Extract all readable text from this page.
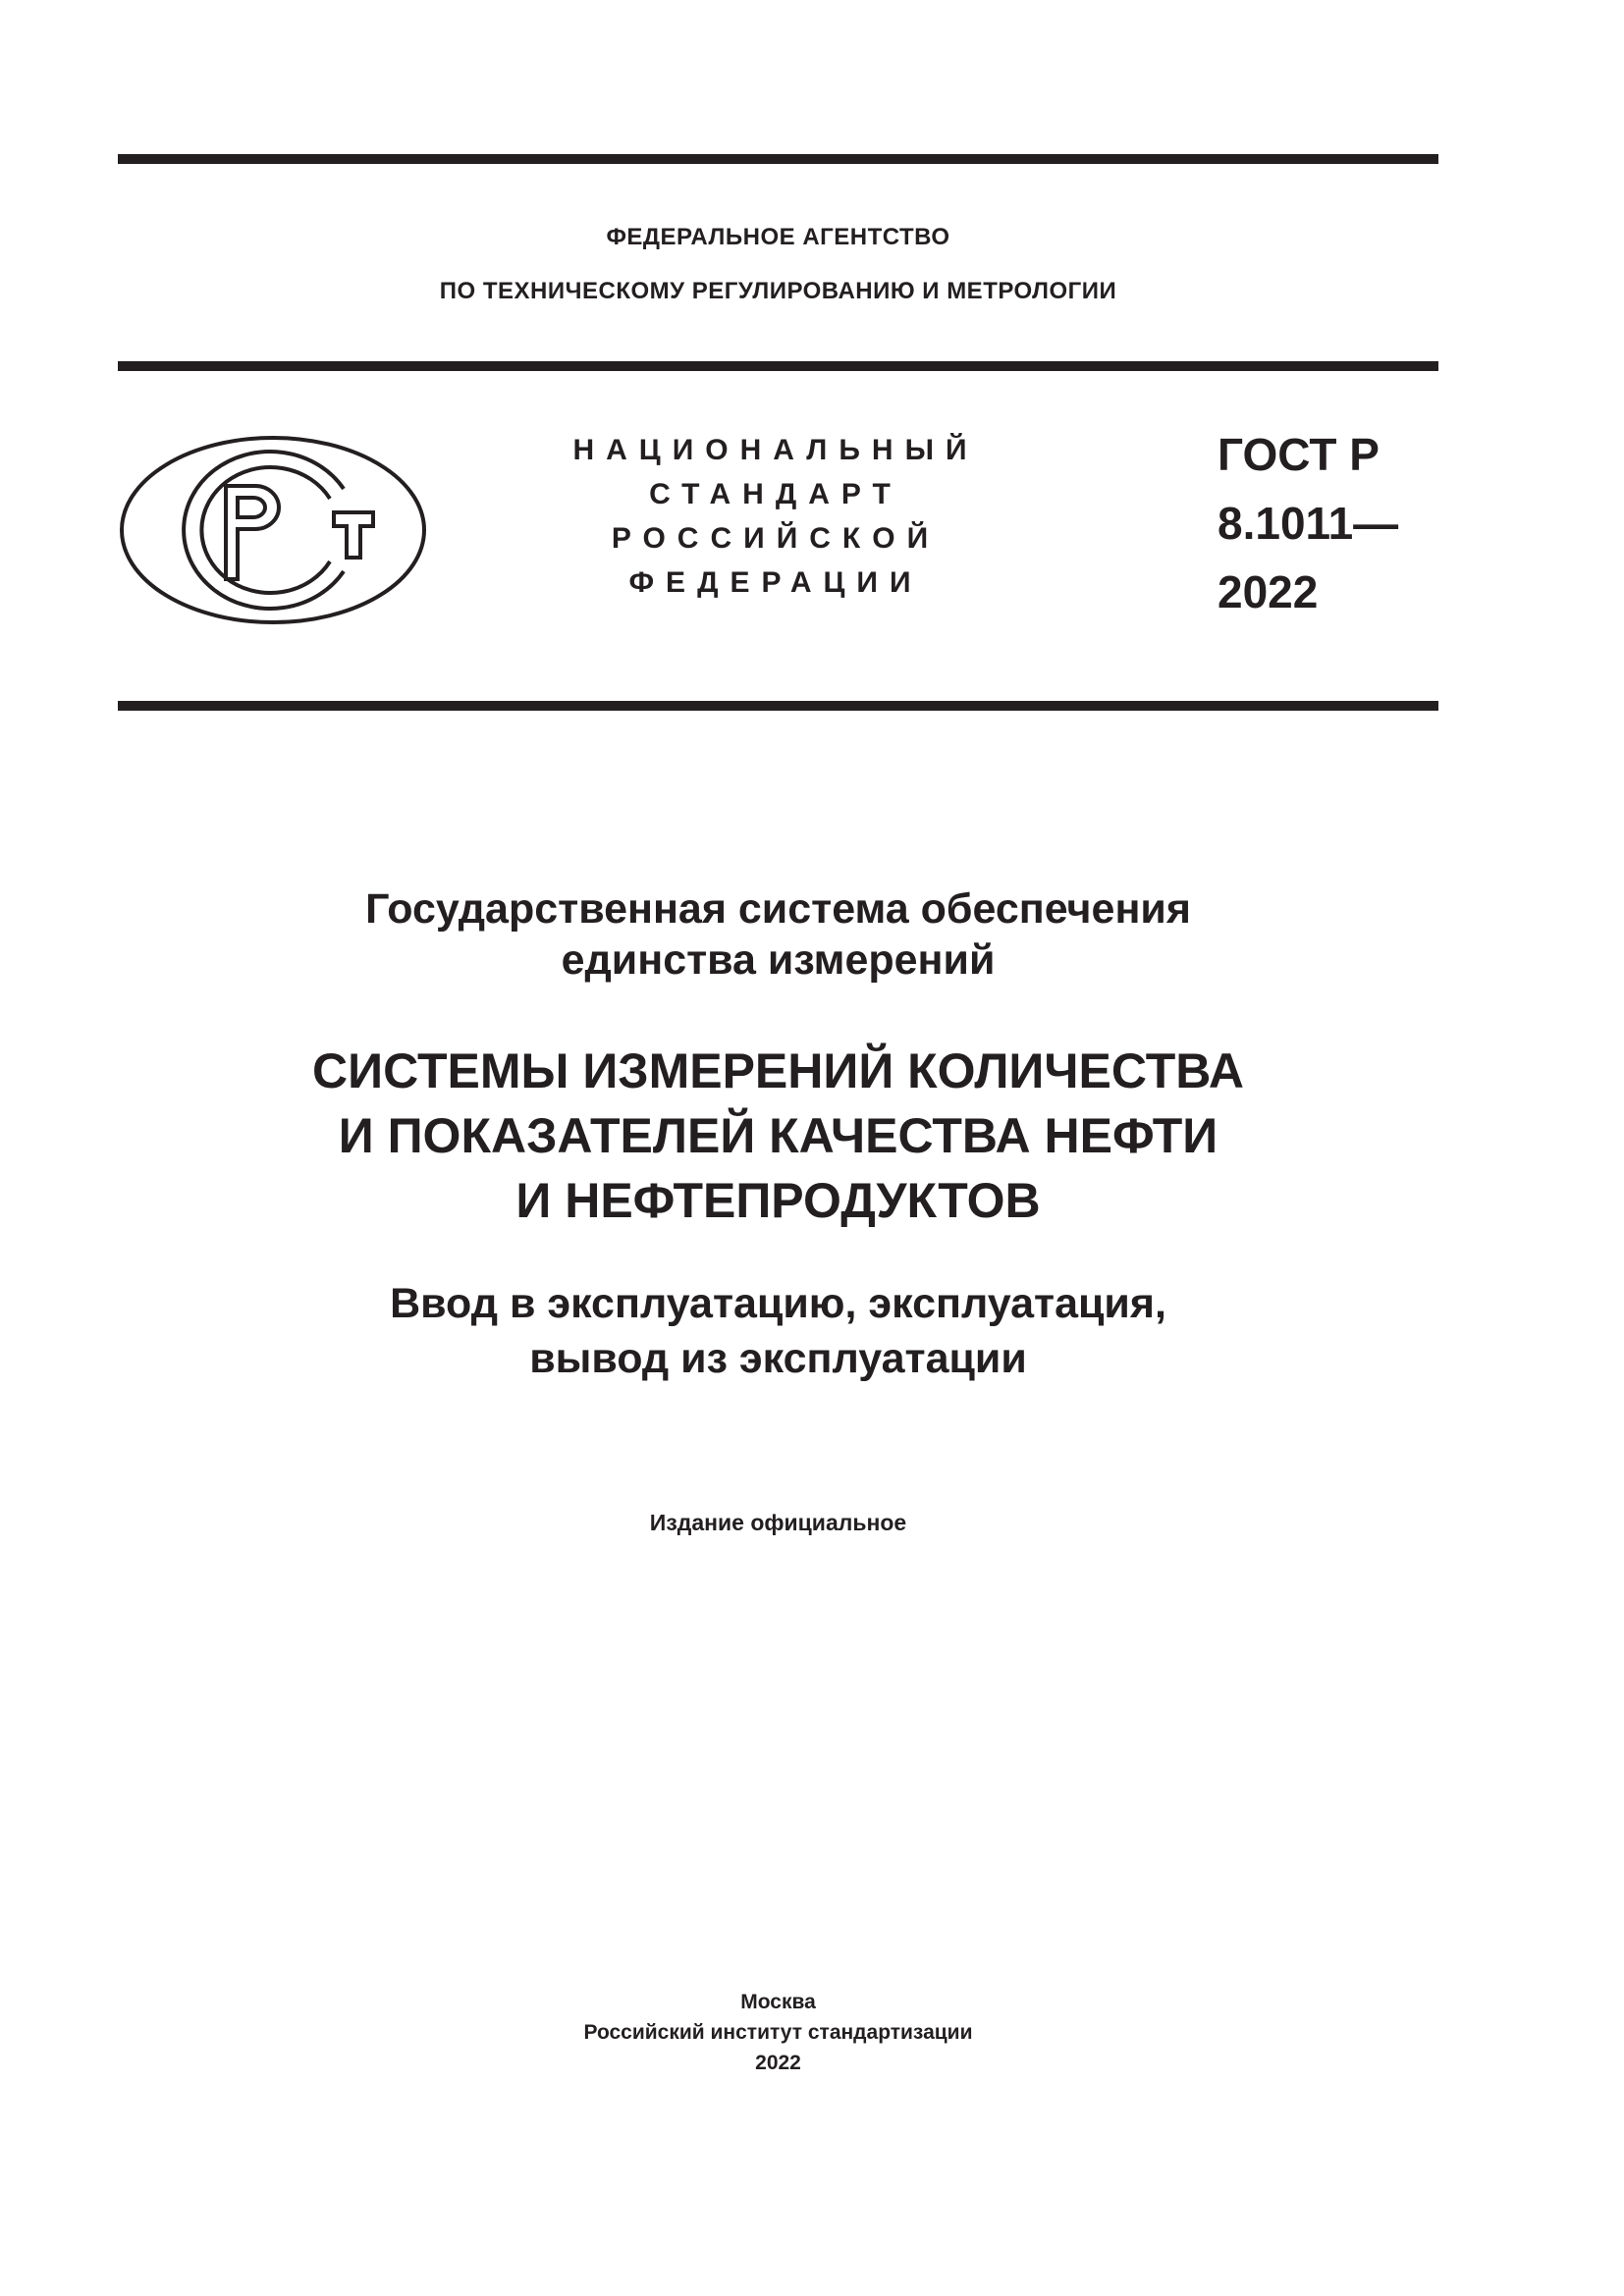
ФЕДЕРАЛЬНОЕ АГЕНТСТВО
ПО ТЕХНИЧЕСКОМУ РЕГУЛИРОВАНИЮ И МЕТРОЛОГИИ
НАЦИОНАЛЬНЫЙ
СТАНДАРТ
РОССИЙСКОЙ
ФЕДЕРАЦИИ
ГОСТ Р
8.1011—
2022
Государственная система обеспечения
единства измерений
СИСТЕМЫ ИЗМЕРЕНИЙ КОЛИЧЕСТВА
И ПОКАЗАТЕЛЕЙ КАЧЕСТВА НЕФТИ
И НЕФТЕПРОДУКТОВ
Ввод в эксплуатацию, эксплуатация,
вывод из эксплуатации
Издание официальное
Москва
Российский институт стандартизации
2022
